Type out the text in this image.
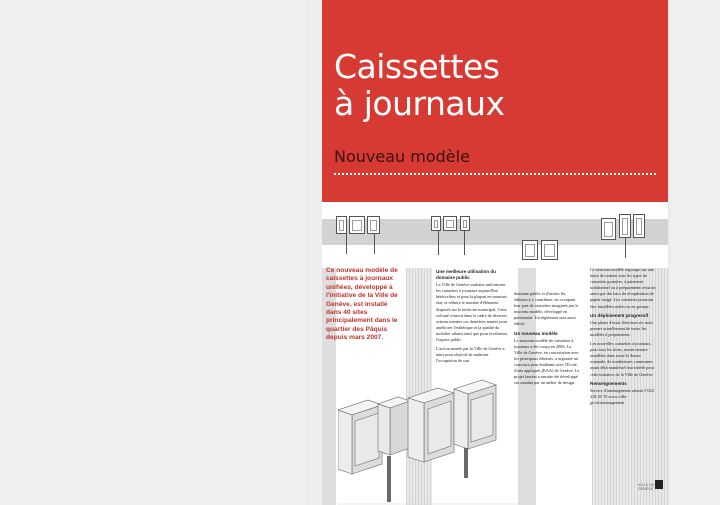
Caissettes
à journaux
Nouveau modèle
Ce nouveau modèle de caissettes à journaux unifiées, développé à l'initiative de la Ville de Genève, est installé dans 40 sites principalement dans le quartier des Pâquis depuis mars 2007.
Une meilleure utilisation du domaine public

La Ville de Genève souhaite uniformiser les caissettes à journaux aujourd'hui hétéroclites et pour la plupart en mauvais état, et réduire le nombre d'éléments disposés sur le territoire municipal. Cette volonté s'inscrit dans le cadre de diverses actions menées ces dernières années pour améliorer l'esthétique et la qualité du mobilier urbain ainsi que pour revaloriser l'espace public.

L'action menée par la Ville de Genève a ainsi pour objectif de maîtriser l'occupation de son

domaine public et d'inciter les éditeurs à y contribuer, en occupant leur part de caissettes imaginée par le nouveau modèle, développé en partenariat. Un règlement sera aussi édicté.

Un nouveau modèle

Le nouveau modèle de caissettes à journaux a été conçu en 2006. La Ville de Genève, en concertation avec les principaux éditeurs, a organisé un concours pour étudiants avec l'Ecole d'arts appliqués (EAA) de Genève. Le projet lauréat a ensuite été développé sur mandat par un atelier de design.

Le nouveau modèle regroupe sur une barre de soutien tous les types de caissettes gratuites, à paiement traditionnel ou à prépaiement sécurisé, ainsi que des bacs de récupération de papier usagé. Les caissettes pourront être installées seules ou en groupe.

Un déploiement progressif

Une phase d'essai d'environ six mois permet actuellement de tester les modèles à prépaiement.

Les nouvelles caissettes à journaux, pour tous les titres, seront ensuite installées dans toute la Suisse romande, de nombreuses communes ayant déjà manifesté leur intérêt pour cette initiative de la Ville de Genève.

Renseignements

Service d'aménagement urbain T 022 418 20 70 www.ville-ge.ch/amenagement

VILLE DE GENÈVE
